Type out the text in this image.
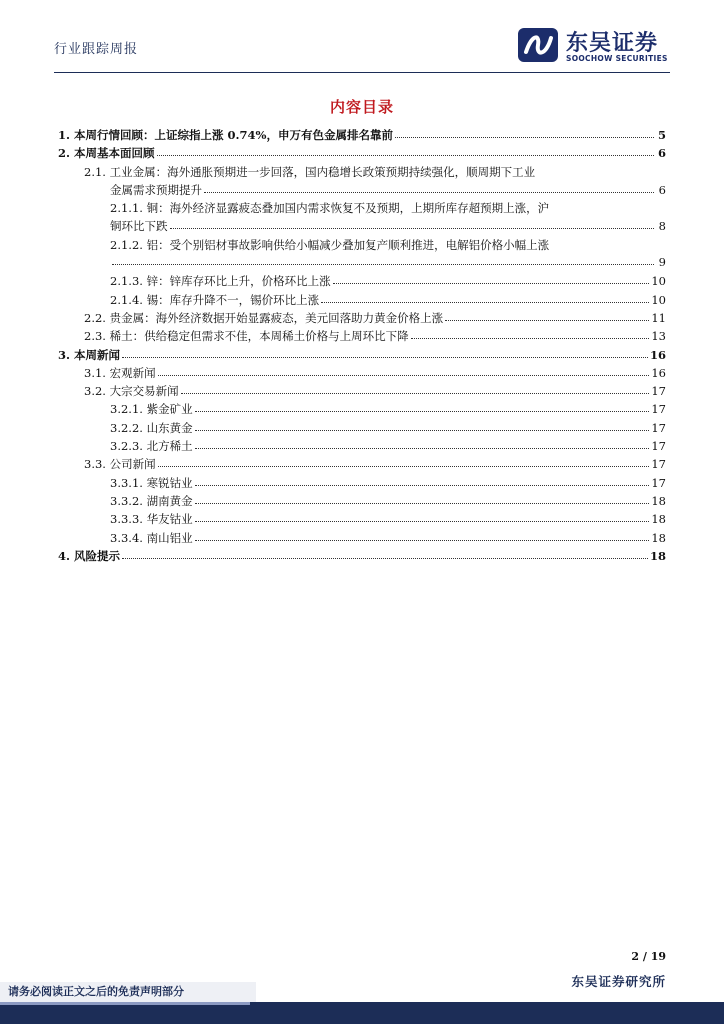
行业跟踪周报	东吴证券
SOOCHOW SECURITIES
内容目录
1. 本周行情回顾：上证综指上涨 0.74%，申万有色金属排名靠前	5
2. 本周基本面回顾	6
2.1. 工业金属：海外通胀预期进一步回落，国内稳增长政策预期持续强化，顺周期下工业
金属需求预期提升	6
2.1.1. 铜：海外经济显露疲态叠加国内需求恢复不及预期，上期所库存超预期上涨，沪
铜环比下跌	8
2.1.2. 铝：受个别铝材事故影响供给小幅减少叠加复产顺利推进，电解铝价格小幅上涨
9
2.1.3. 锌：锌库存环比上升，价格环比上涨	10
2.1.4. 锡：库存升降不一，锡价环比上涨	10
2.2. 贵金属：海外经济数据开始显露疲态，美元回落助力黄金价格上涨	11
2.3. 稀土：供给稳定但需求不佳，本周稀土价格与上周环比下降	13
3. 本周新闻	16
3.1. 宏观新闻	16
3.2. 大宗交易新闻	17
3.2.1. 紫金矿业	17
3.2.2. 山东黄金	17
3.2.3. 北方稀土	17
3.3. 公司新闻	17
3.3.1. 寒锐钴业	17
3.3.2. 湖南黄金	18
3.3.3. 华友钴业	18
3.3.4. 南山铝业	18
4. 风险提示	18
2 / 19
东吴证券研究所
请务必阅读正文之后的免责声明部分
